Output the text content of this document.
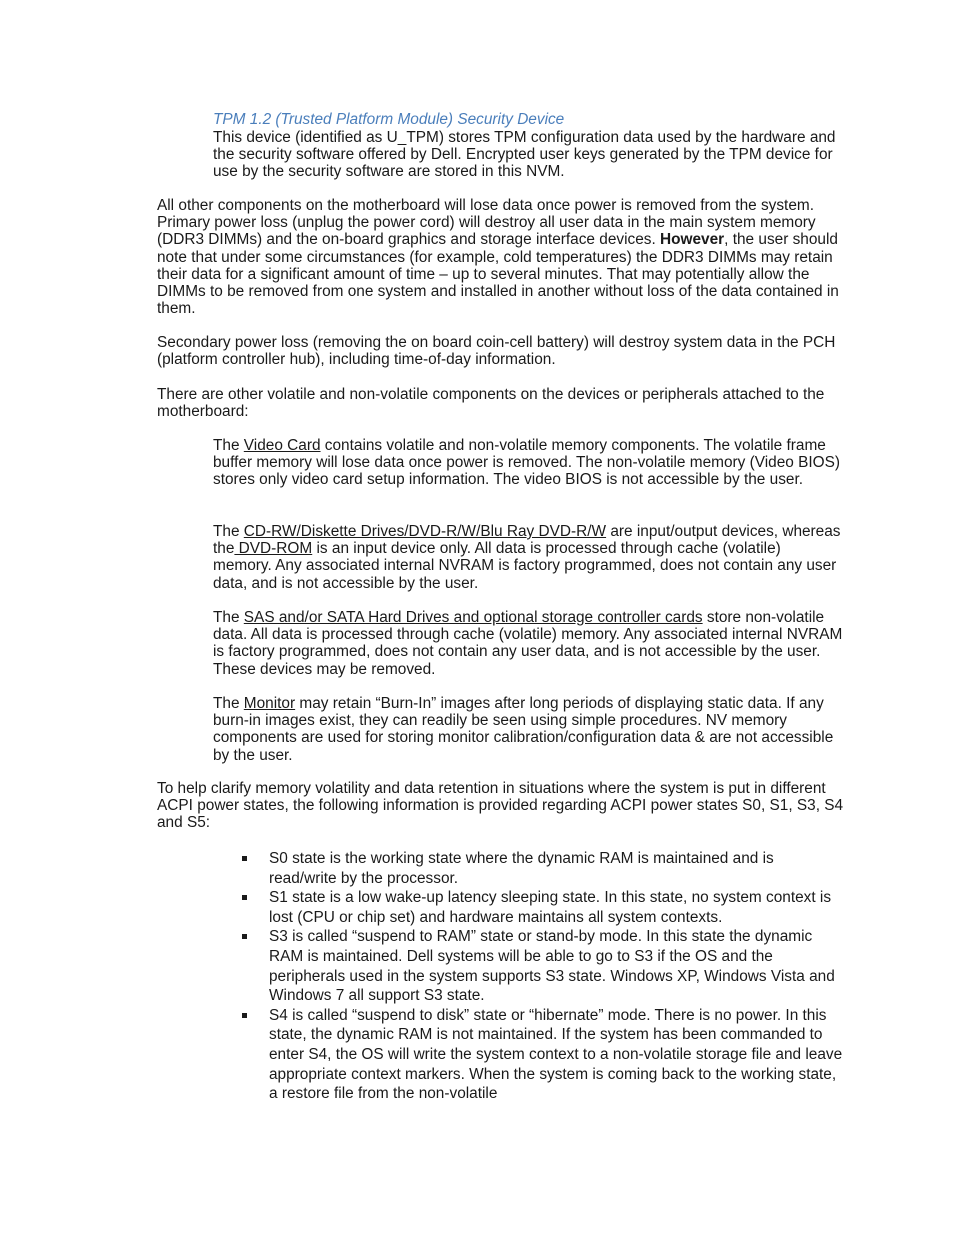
TPM 1.2 (Trusted Platform Module) Security Device

This device (identified as U_TPM) stores TPM configuration data used by the hardware and the security software offered by Dell. Encrypted user keys generated by the TPM device for use by the security software are stored in this NVM.

All other components on the motherboard will lose data once power is removed from the system. Primary power loss (unplug the power cord) will destroy all user data in the main system memory (DDR3 DIMMs) and the on-board graphics and storage interface devices. However, the user should note that under some circumstances (for example, cold temperatures) the DDR3 DIMMs may retain their data for a significant amount of time – up to several minutes. That may potentially allow the DIMMs to be removed from one system and installed in another without loss of the data contained in them.

Secondary power loss (removing the on board coin-cell battery) will destroy system data in the PCH (platform controller hub), including time-of-day information.

There are other volatile and non-volatile components on the devices or peripherals attached to the motherboard:

The Video Card contains volatile and non-volatile memory components. The volatile frame buffer memory will lose data once power is removed. The non-volatile memory (Video BIOS) stores only video card setup information. The video BIOS is not accessible by the user.

The CD-RW/Diskette Drives/DVD-R/W/Blu Ray DVD-R/W are input/output devices, whereas the DVD-ROM is an input device only. All data is processed through cache (volatile) memory. Any associated internal NVRAM is factory programmed, does not contain any user data, and is not accessible by the user.

The SAS and/or SATA Hard Drives and optional storage controller cards store non-volatile data. All data is processed through cache (volatile) memory. Any associated internal NVRAM is factory programmed, does not contain any user data, and is not accessible by the user. These devices may be removed.

The Monitor may retain “Burn-In” images after long periods of displaying static data. If any burn-in images exist, they can readily be seen using simple procedures. NV memory components are used for storing monitor calibration/configuration data & are not accessible by the user.

To help clarify memory volatility and data retention in situations where the system is put in different ACPI power states, the following information is provided regarding ACPI power states S0, S1, S3, S4 and S5:

S0 state is the working state where the dynamic RAM is maintained and is read/write by the processor.
S1 state is a low wake-up latency sleeping state. In this state, no system context is lost (CPU or chip set) and hardware maintains all system contexts.
S3 is called “suspend to RAM” state or stand-by mode. In this state the dynamic RAM is maintained. Dell systems will be able to go to S3 if the OS and the peripherals used in the system supports S3 state. Windows XP, Windows Vista and Windows 7 all support S3 state.
S4 is called “suspend to disk” state or “hibernate” mode. There is no power. In this state, the dynamic RAM is not maintained. If the system has been commanded to enter S4, the OS will write the system context to a non-volatile storage file and leave appropriate context markers. When the system is coming back to the working state, a restore file from the non-volatile
